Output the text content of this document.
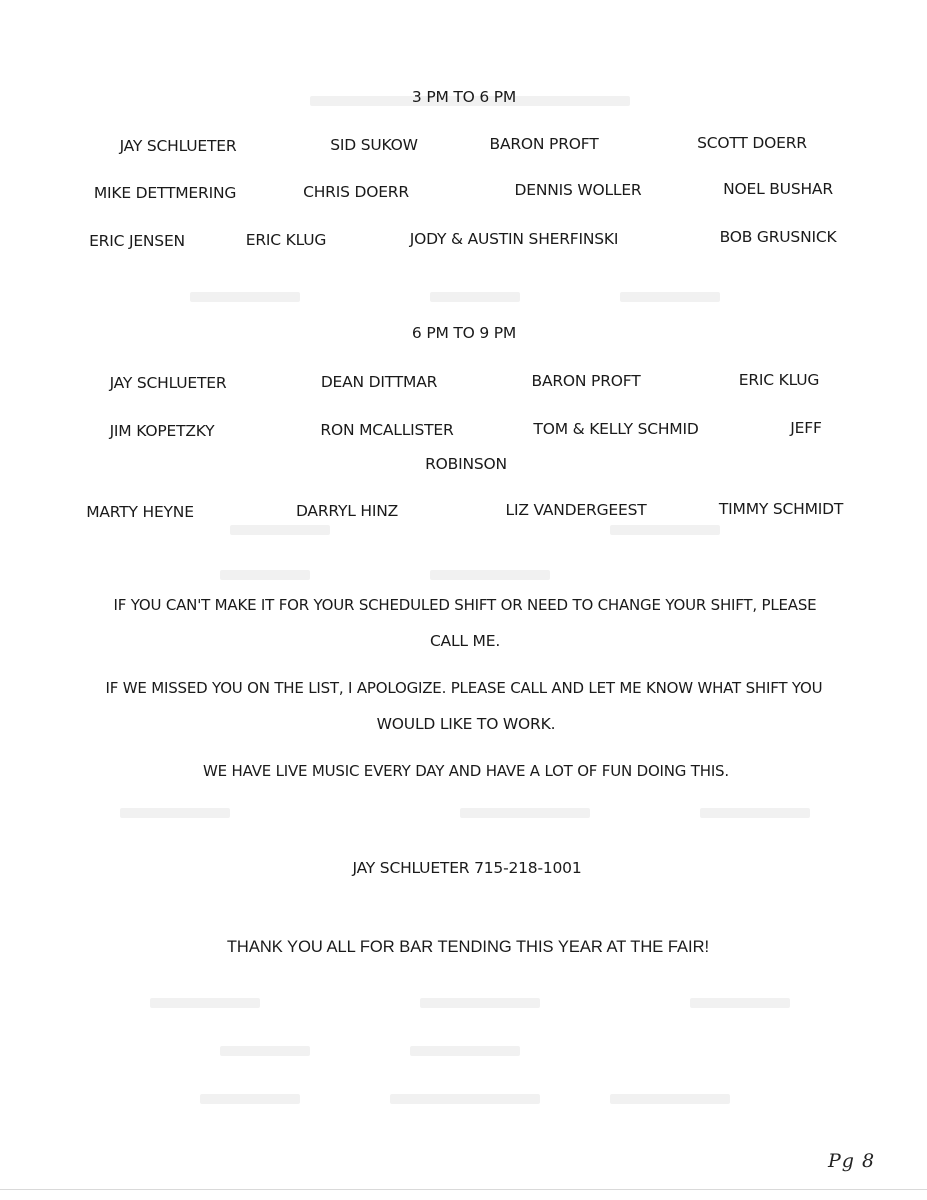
3 PM TO 6 PM
JAY SCHLUETER	SID SUKOW	BARON PROFT	SCOTT DOERR
MIKE DETTMERING	CHRIS DOERR	DENNIS WOLLER	NOEL BUSHAR
ERIC JENSEN	ERIC KLUG	JODY & AUSTIN SHERFINSKI	BOB GRUSNICK
6 PM TO 9 PM
JAY SCHLUETER	DEAN DITTMAR	BARON PROFT	ERIC KLUG
JIM KOPETZKY	RON MCALLISTER	TOM & KELLY SCHMID	JEFF
ROBINSON
MARTY HEYNE	DARRYL HINZ	LIZ VANDERGEEST	TIMMY SCHMIDT
IF YOU CAN'T MAKE IT FOR YOUR SCHEDULED SHIFT OR NEED TO CHANGE YOUR SHIFT, PLEASE
CALL ME.
IF WE MISSED YOU ON THE LIST, I APOLOGIZE. PLEASE CALL AND LET ME KNOW WHAT SHIFT YOU
WOULD LIKE TO WORK.
WE HAVE LIVE MUSIC EVERY DAY AND HAVE A LOT OF FUN DOING THIS.
JAY SCHLUETER 715-218-1001
THANK YOU ALL FOR BAR TENDING THIS YEAR AT THE FAIR!
Pg 8
